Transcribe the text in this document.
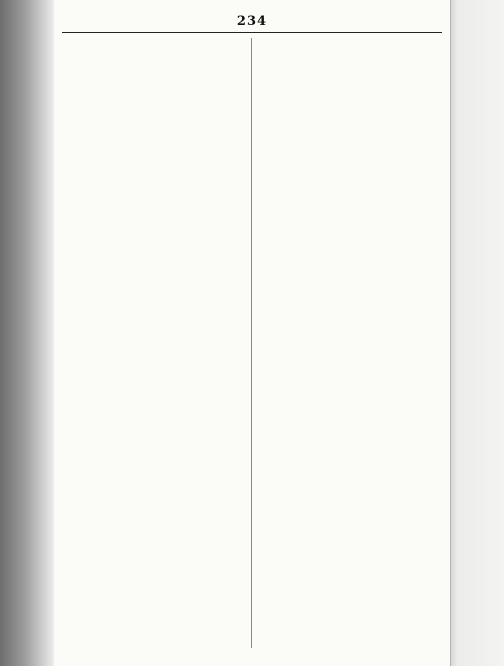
234
